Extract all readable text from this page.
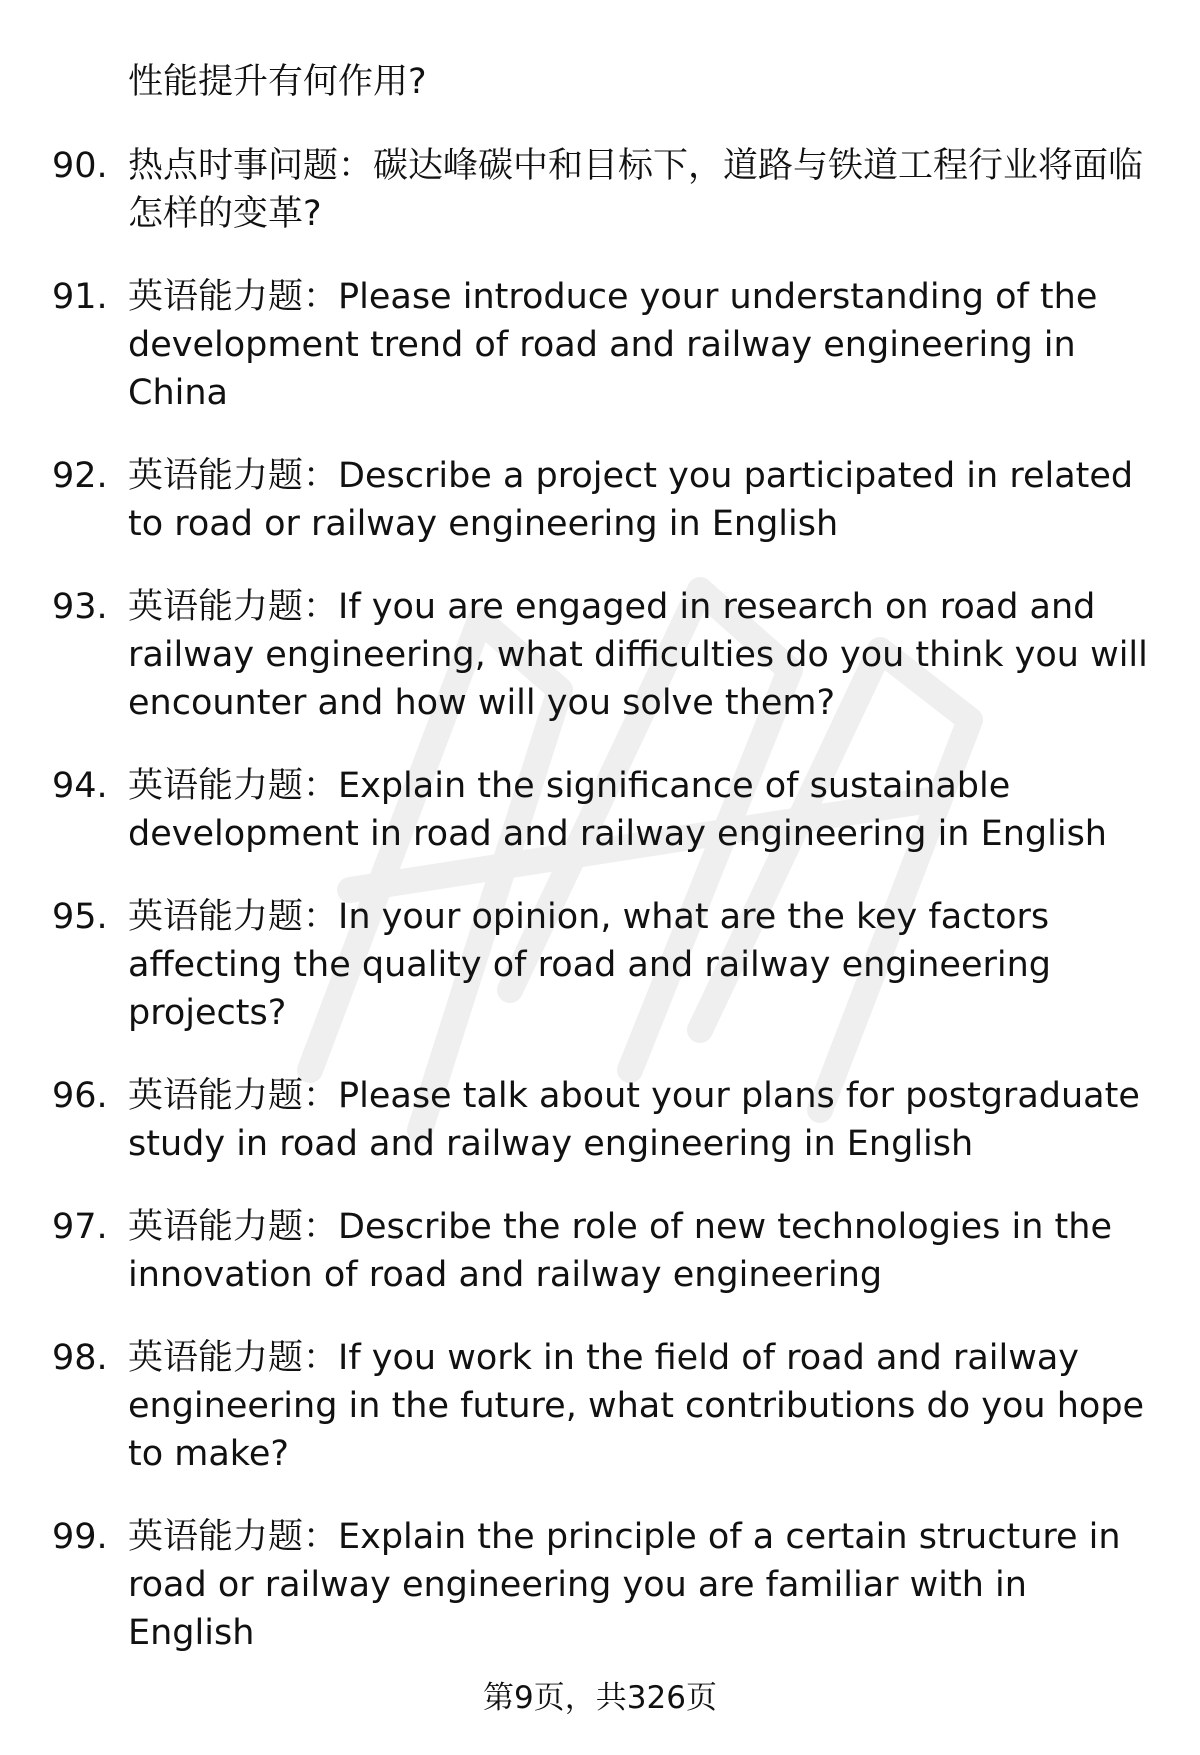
性能提升有何作用?
90. 热点时事问题：碳达峰碳中和目标下，道路与铁道工程行业将面临怎样的变革?
91. 英语能力题：Please introduce your understanding of the development trend of road and railway engineering in China
92. 英语能力题：Describe a project you participated in related to road or railway engineering in English
93. 英语能力题：If you are engaged in research on road and railway engineering, what difficulties do you think you will encounter and how will you solve them?
94. 英语能力题：Explain the significance of sustainable development in road and railway engineering in English
95. 英语能力题：In your opinion, what are the key factors affecting the quality of road and railway engineering projects?
96. 英语能力题：Please talk about your plans for postgraduate study in road and railway engineering in English
97. 英语能力题：Describe the role of new technologies in the innovation of road and railway engineering
98. 英语能力题：If you work in the field of road and railway engineering in the future, what contributions do you hope to make?
99. 英语能力题：Explain the principle of a certain structure in road or railway engineering you are familiar with in English
第9页，共326页
